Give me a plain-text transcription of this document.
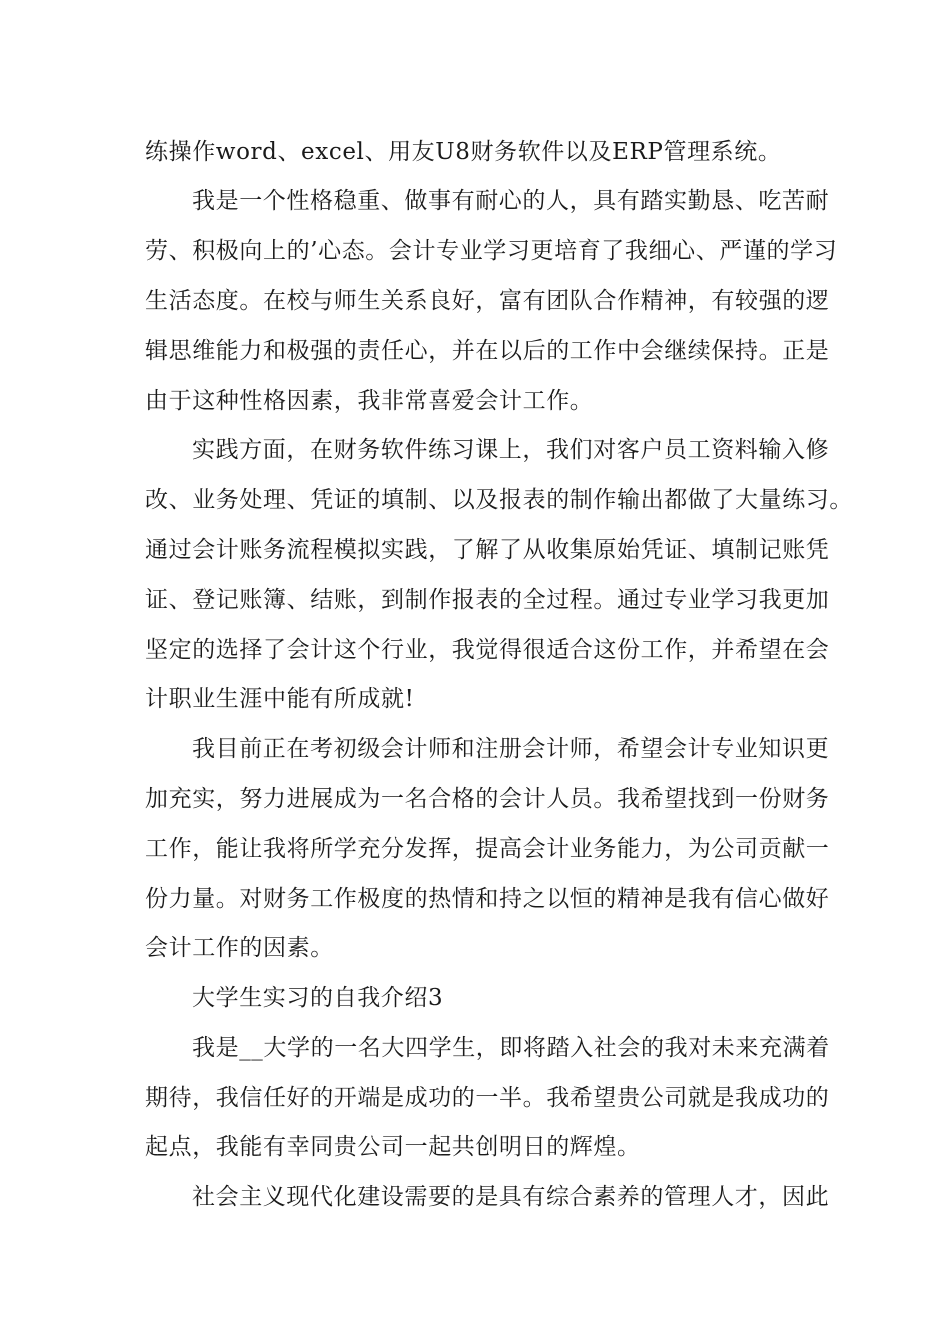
练操作word、excel、用友U8财务软件以及ERP管理系统。
我是一个性格稳重、做事有耐心的人，具有踏实勤恳、吃苦耐
劳、积极向上的’心态。会计专业学习更培育了我细心、严谨的学习
生活态度。在校与师生关系良好，富有团队合作精神，有较强的逻
辑思维能力和极强的责任心，并在以后的工作中会继续保持。正是
由于这种性格因素，我非常喜爱会计工作。
实践方面，在财务软件练习课上，我们对客户员工资料输入修
改、业务处理、凭证的填制、以及报表的制作输出都做了大量练习。
通过会计账务流程模拟实践，了解了从收集原始凭证、填制记账凭
证、登记账簿、结账，到制作报表的全过程。通过专业学习我更加
坚定的选择了会计这个行业，我觉得很适合这份工作，并希望在会
计职业生涯中能有所成就!
我目前正在考初级会计师和注册会计师，希望会计专业知识更
加充实，努力进展成为一名合格的会计人员。我希望找到一份财务
工作，能让我将所学充分发挥，提高会计业务能力，为公司贡献一
份力量。对财务工作极度的热情和持之以恒的精神是我有信心做好
会计工作的因素。
大学生实习的自我介绍3
我是__大学的一名大四学生，即将踏入社会的我对未来充满着
期待，我信任好的开端是成功的一半。我希望贵公司就是我成功的
起点，我能有幸同贵公司一起共创明日的辉煌。
社会主义现代化建设需要的是具有综合素养的管理人才，因此
